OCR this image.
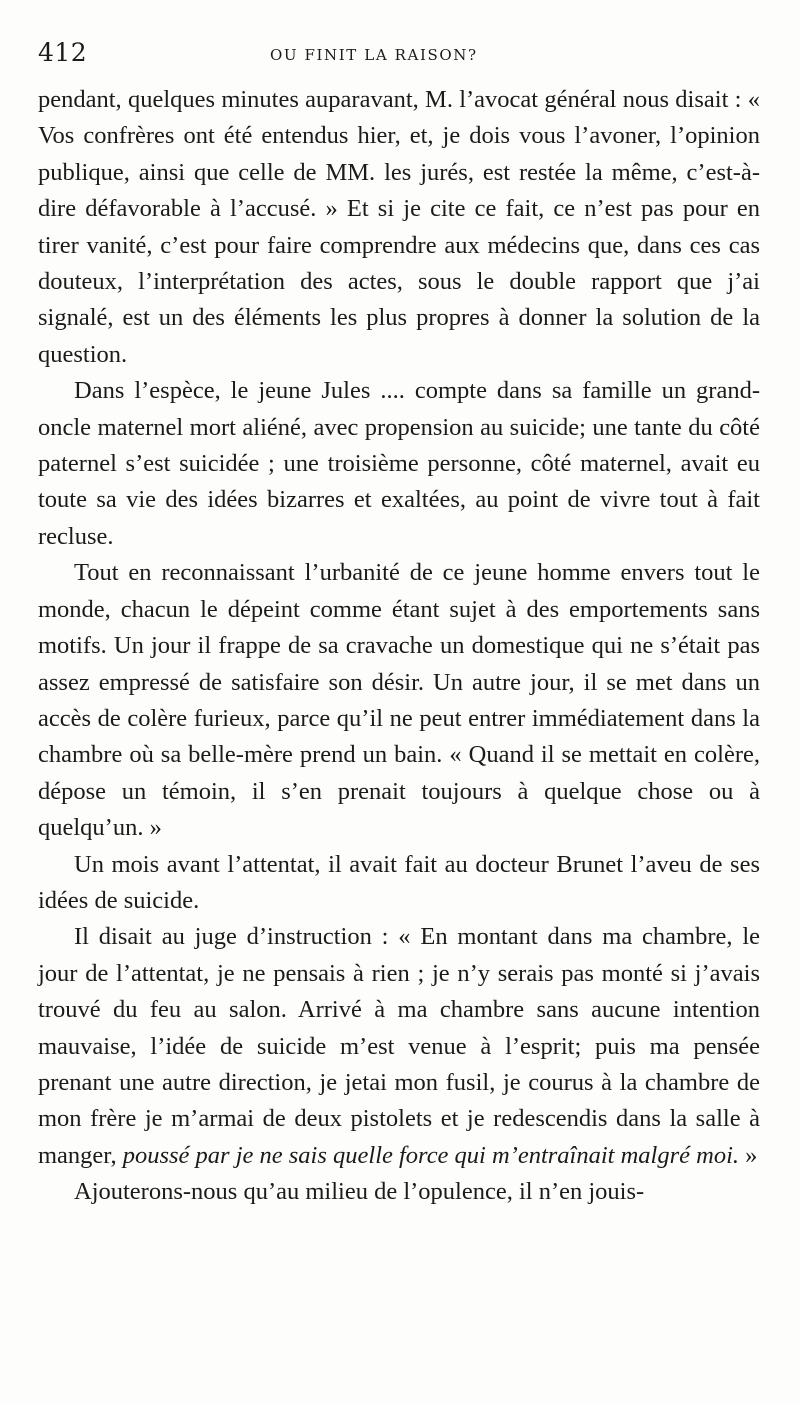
412	OU FINIT LA RAISON?

pendant, quelques minutes auparavant, M. l’avocat général nous disait : « Vos confrères ont été entendus hier, et, je dois vous l’avoner, l’opinion publique, ainsi que celle de MM. les jurés, est restée la même, c’est-à-dire défavorable à l’accusé. » Et si je cite ce fait, ce n’est pas pour en tirer vanité, c’est pour faire comprendre aux médecins que, dans ces cas douteux, l’interprétation des actes, sous le double rapport que j’ai signalé, est un des éléments les plus propres à donner la solution de la question.

Dans l’espèce, le jeune Jules .... compte dans sa famille un grand-oncle maternel mort aliéné, avec propension au suicide; une tante du côté paternel s’est suicidée ; une troisième personne, côté maternel, avait eu toute sa vie des idées bizarres et exaltées, au point de vivre tout à fait recluse.

Tout en reconnaissant l’urbanité de ce jeune homme envers tout le monde, chacun le dépeint comme étant sujet à des emportements sans motifs. Un jour il frappe de sa cravache un domestique qui ne s’était pas assez empressé de satisfaire son désir. Un autre jour, il se met dans un accès de colère furieux, parce qu’il ne peut entrer immédiatement dans la chambre où sa belle-mère prend un bain. « Quand il se mettait en colère, dépose un témoin, il s’en prenait toujours à quelque chose ou à quelqu’un. »

Un mois avant l’attentat, il avait fait au docteur Brunet l’aveu de ses idées de suicide.

Il disait au juge d’instruction : « En montant dans ma chambre, le jour de l’attentat, je ne pensais à rien ; je n’y serais pas monté si j’avais trouvé du feu au salon. Arrivé à ma chambre sans aucune intention mauvaise, l’idée de suicide m’est venue à l’esprit; puis ma pensée prenant une autre direction, je jetai mon fusil, je courus à la chambre de mon frère je m’armai de deux pistolets et je redescendis dans la salle à manger, poussé par je ne sais quelle force qui m’entraînait malgré moi. »

Ajouterons-nous qu’au milieu de l’opulence, il n’en jouis-
